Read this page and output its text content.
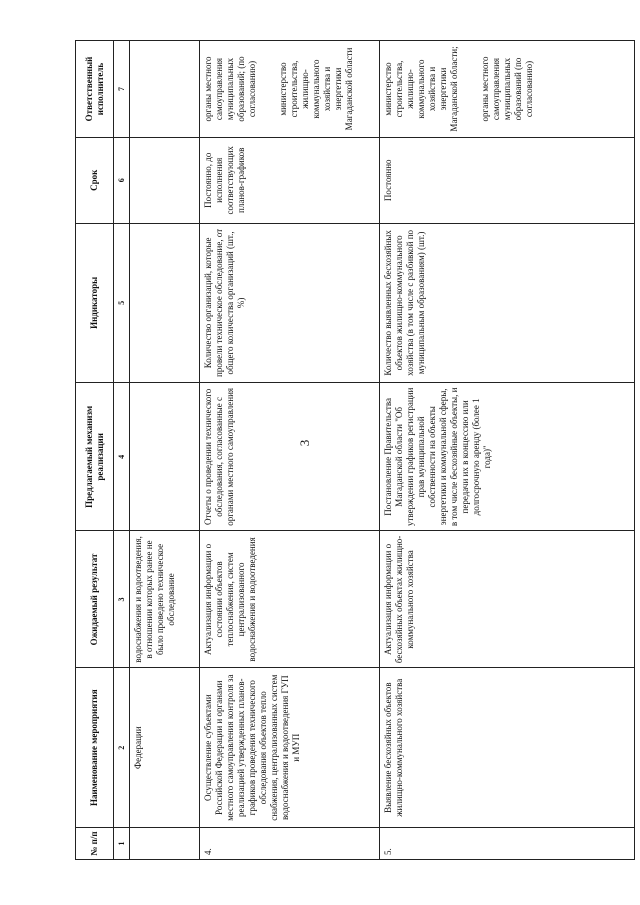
3
№ п/п	Наименование мероприятия	Ожидаемый результат	Предлагаемый механизм реализации	Индикаторы	Срок	Ответственный исполнитель
1	2	3	4	5	6	7
	Федерации	водоснабжения и водоотведения, в отношении которых ранее не было проведено техническое обследование				
4.	Осуществление субъектами Российской Федерации и органами местного самоуправления контроля за реализацией утвержденных планов-графиков проведения технического обследования объектов тепло снабжения, централизованных систем водоснабжения и водоотведения ГУП и МУП	Актуализация информации о состоянии объектов теплоснабжения, систем централизованного водоснабжения и водоотведения	Отчеты о проведении технического обследования, согласованные с органами местного самоуправления	Количество организаций, которые провели техническое обследование, от общего количества организаций (шт., %)	Постоянно, до исполнения соответствующих планов-графиков	органы местного самоуправления муниципальных образований; (по согласованию) министерство строительства, жилищно-коммунального хозяйства и энергетики Магаданской области
5.	Выявление бесхозяйных объектов жилищно-коммунального хозяйства	Актуализация информации о бесхозяйных объектах жилищно-коммунального хозяйства	Постановление Правительства Магаданской области "Об утверждении графиков регистрации прав муниципальной собственности на объекты энергетики и коммунальной сферы, в том числе бесхозяйные объекты, и передачи их в концессию или долгосрочную аренду (более 1 года)"	Количество выявленных бесхозяйных объектов жилищно-коммунального хозяйства (в том числе с разбивкой по муниципальным образованиям) (шт.)	Постоянно	министерство строительства, жилищно-коммунального хозяйства и энергетики Магаданской области; органы местного самоуправления муниципальных образований (по согласованию)
